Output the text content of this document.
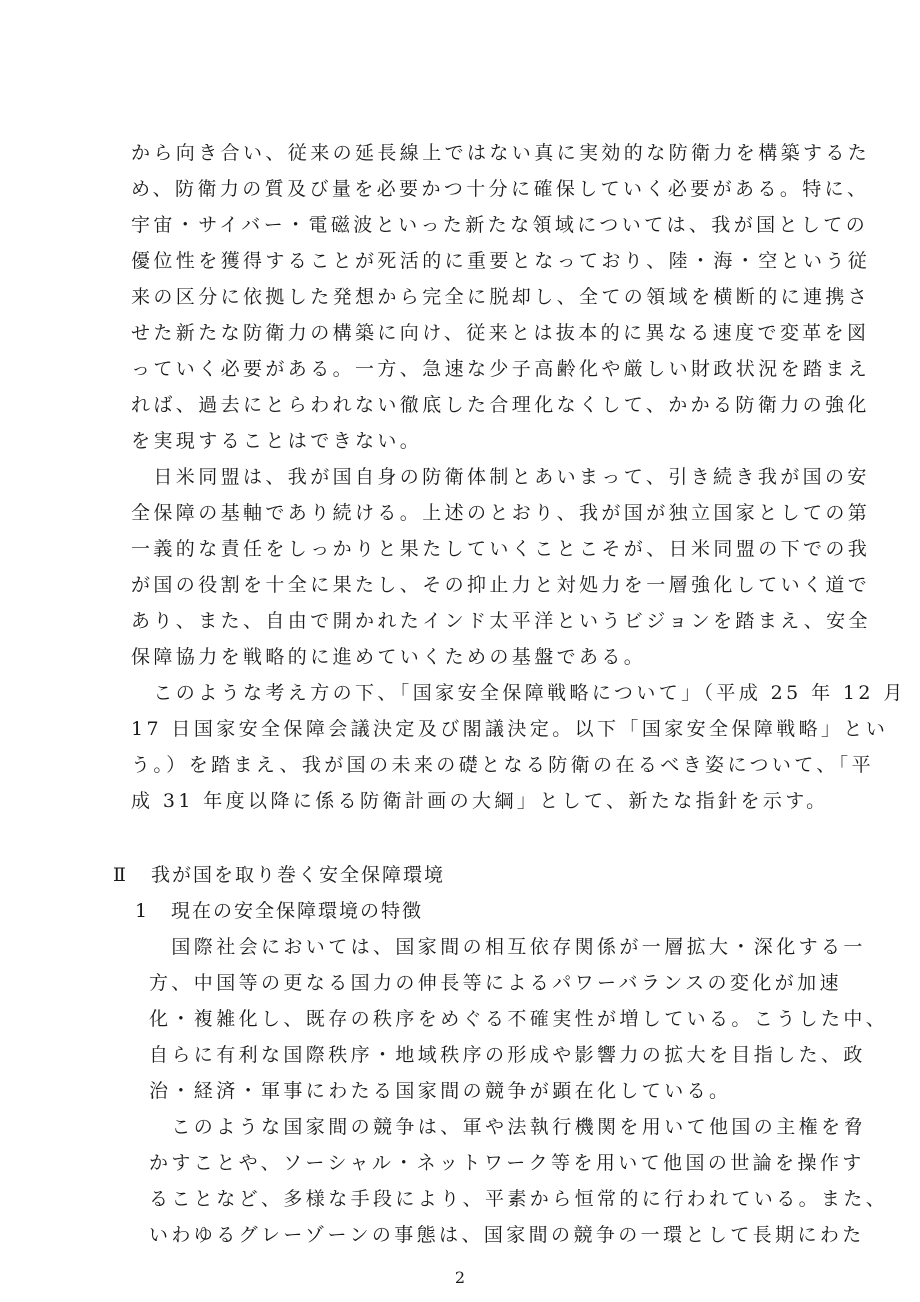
から向き合い、従来の延長線上ではない真に実効的な防衛力を構築するた
め、防衛力の質及び量を必要かつ十分に確保していく必要がある。特に、
宇宙・サイバー・電磁波といった新たな領域については、我が国としての
優位性を獲得することが死活的に重要となっており、陸・海・空という従
来の区分に依拠した発想から完全に脱却し、全ての領域を横断的に連携さ
せた新たな防衛力の構築に向け、従来とは抜本的に異なる速度で変革を図
っていく必要がある。一方、急速な少子高齢化や厳しい財政状況を踏まえ
れば、過去にとらわれない徹底した合理化なくして、かかる防衛力の強化
を実現することはできない。
　日米同盟は、我が国自身の防衛体制とあいまって、引き続き我が国の安
全保障の基軸であり続ける。上述のとおり、我が国が独立国家としての第
一義的な責任をしっかりと果たしていくことこそが、日米同盟の下での我
が国の役割を十全に果たし、その抑止力と対処力を一層強化していく道で
あり、また、自由で開かれたインド太平洋というビジョンを踏まえ、安全
保障協力を戦略的に進めていくための基盤である。
　このような考え方の下、「国家安全保障戦略について」（平成 25 年 12 月
17 日国家安全保障会議決定及び閣議決定。以下「国家安全保障戦略」とい
う。）を踏まえ、我が国の未来の礎となる防衛の在るべき姿について、「平
成 31 年度以降に係る防衛計画の大綱」として、新たな指針を示す。
Ⅱ 我が国を取り巻く安全保障環境
1 現在の安全保障環境の特徴
　国際社会においては、国家間の相互依存関係が一層拡大・深化する一
方、中国等の更なる国力の伸長等によるパワーバランスの変化が加速
化・複雑化し、既存の秩序をめぐる不確実性が増している。こうした中、
自らに有利な国際秩序・地域秩序の形成や影響力の拡大を目指した、政
治・経済・軍事にわたる国家間の競争が顕在化している。
　このような国家間の競争は、軍や法執行機関を用いて他国の主権を脅
かすことや、ソーシャル・ネットワーク等を用いて他国の世論を操作す
ることなど、多様な手段により、平素から恒常的に行われている。また、
いわゆるグレーゾーンの事態は、国家間の競争の一環として長期にわた
2
